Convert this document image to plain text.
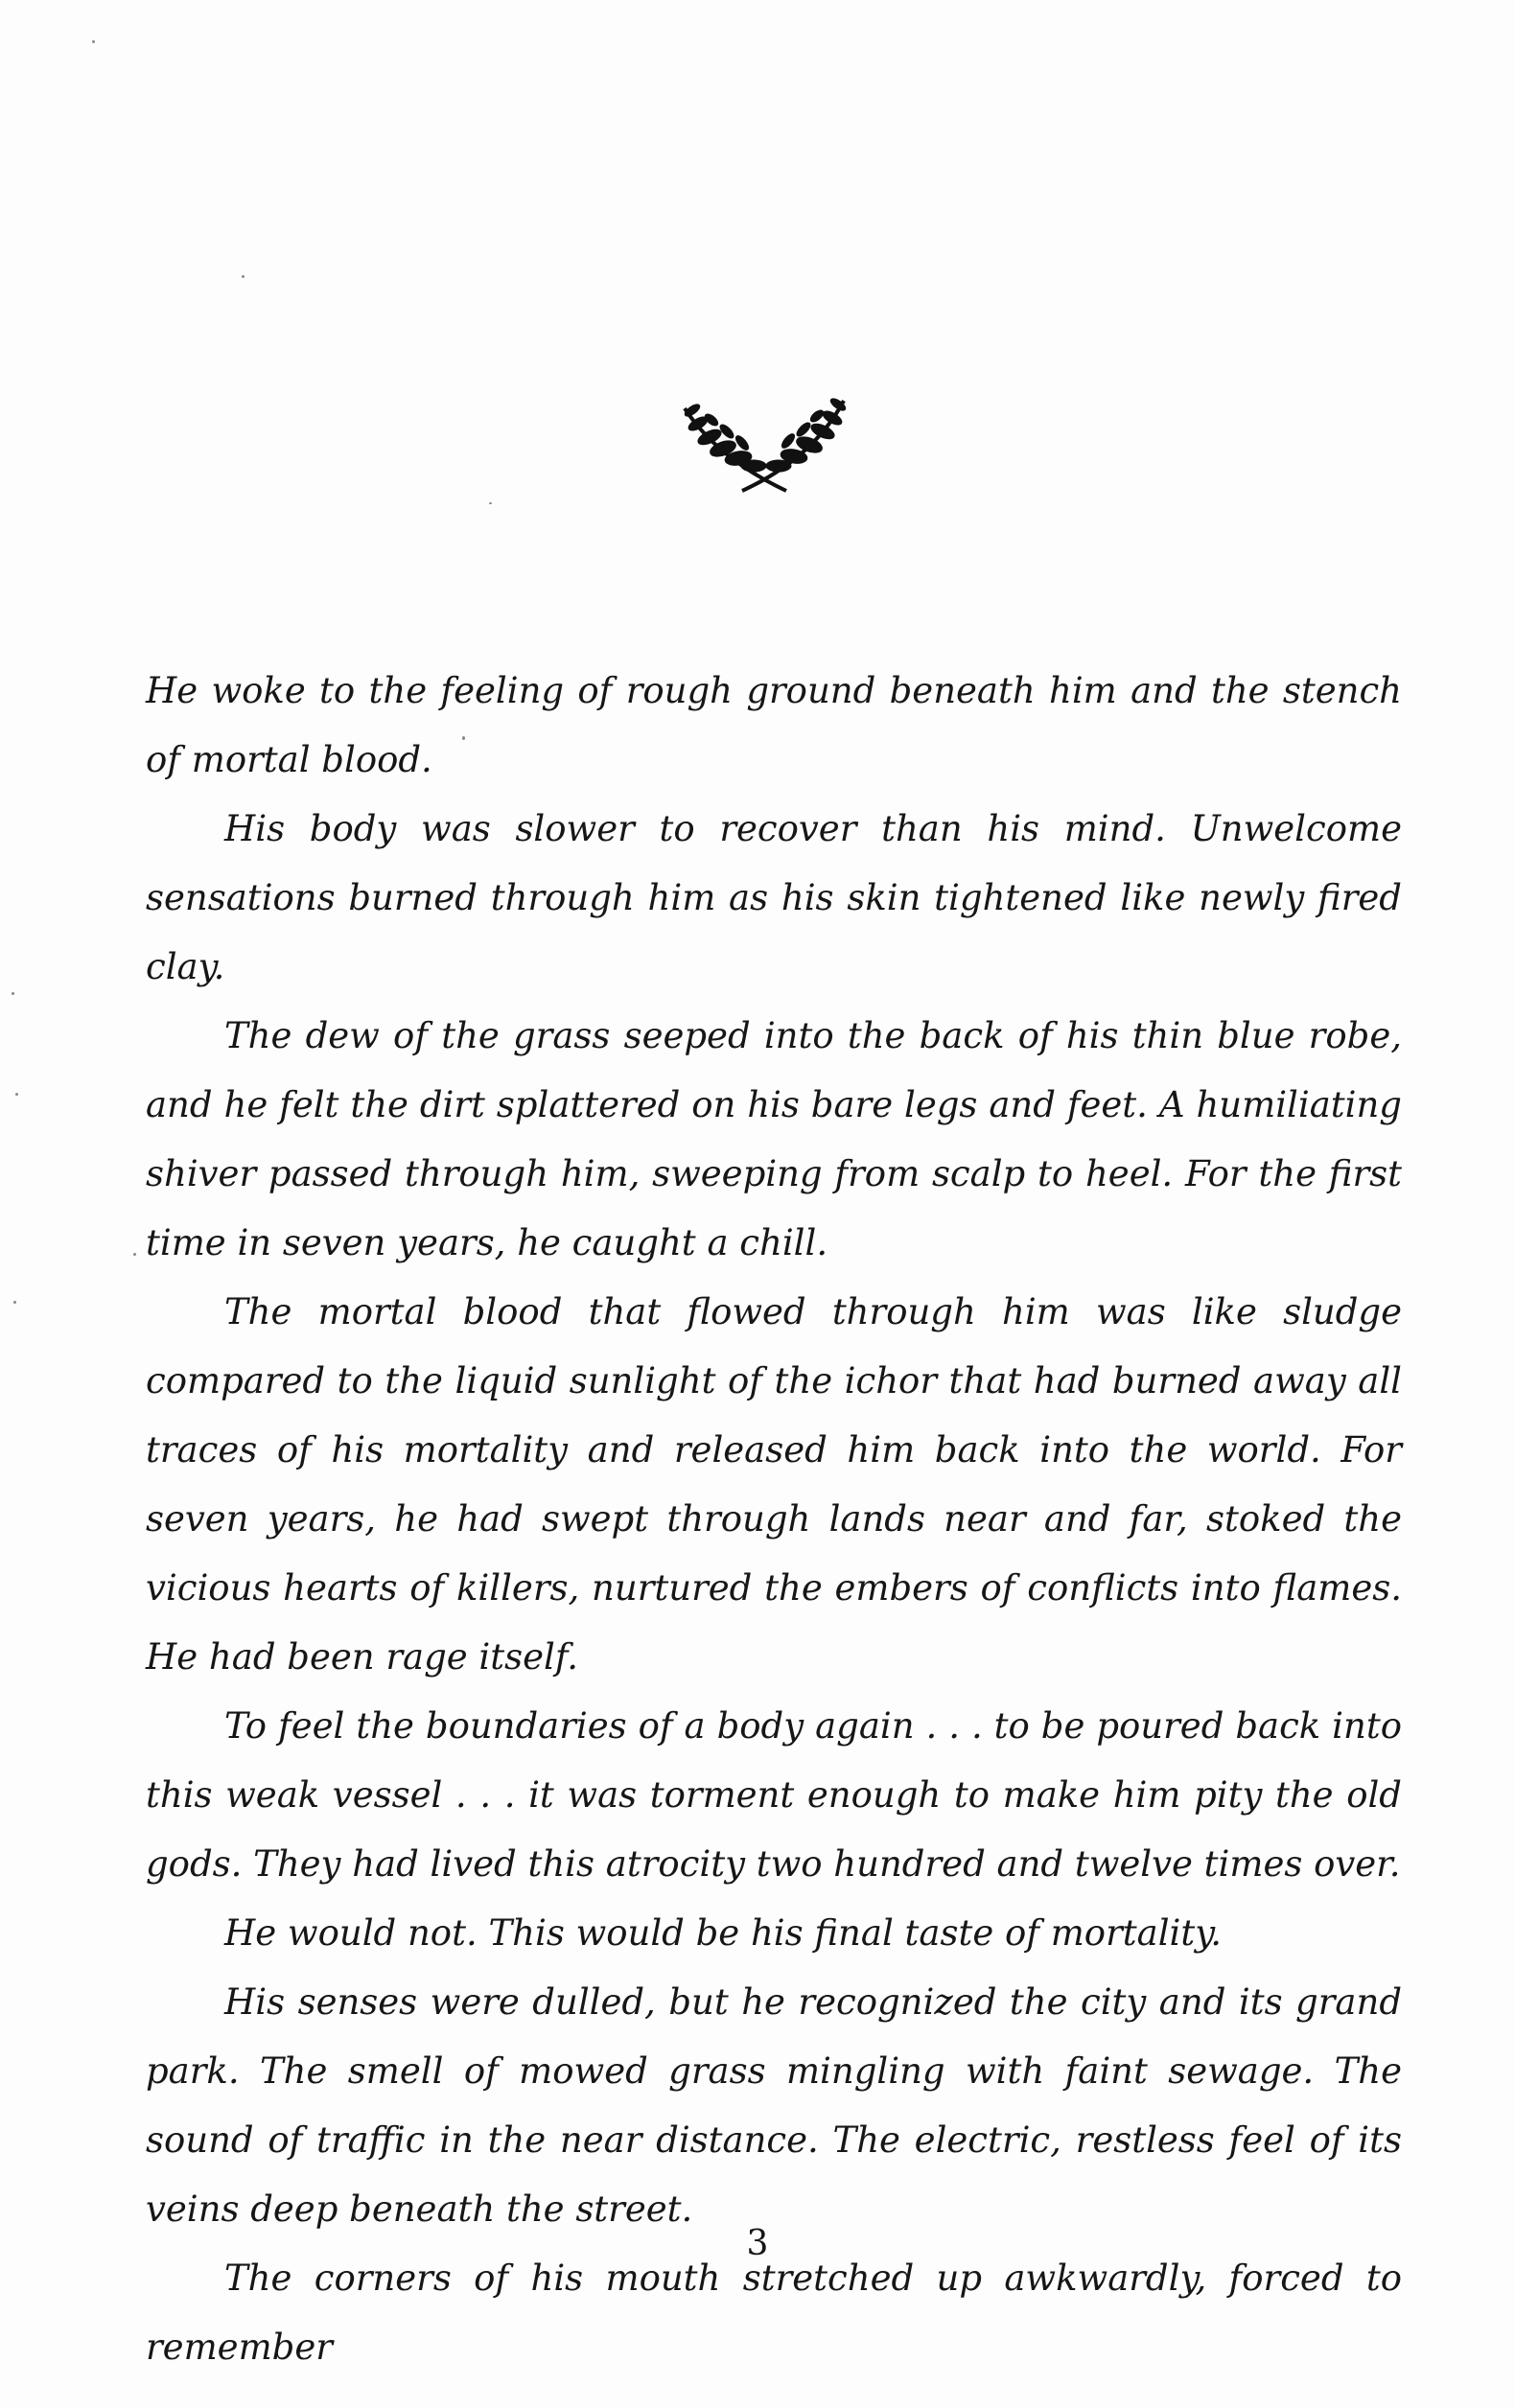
He woke to the feeling of rough ground beneath him and the stench of mortal blood.

His body was slower to recover than his mind. Unwelcome sensations burned through him as his skin tightened like newly fired clay.

The dew of the grass seeped into the back of his thin blue robe, and he felt the dirt splattered on his bare legs and feet. A humiliating shiver passed through him, sweeping from scalp to heel. For the first time in seven years, he caught a chill.

The mortal blood that flowed through him was like sludge compared to the liquid sunlight of the ichor that had burned away all traces of his mortality and released him back into the world. For seven years, he had swept through lands near and far, stoked the vicious hearts of killers, nurtured the embers of conflicts into flames. He had been rage itself.

To feel the boundaries of a body again . . . to be poured back into this weak vessel . . . it was torment enough to make him pity the old gods. They had lived this atrocity two hundred and twelve times over.

He would not. This would be his final taste of mortality.

His senses were dulled, but he recognized the city and its grand park. The smell of mowed grass mingling with faint sewage. The sound of traffic in the near distance. The electric, restless feel of its veins deep beneath the street.

The corners of his mouth stretched up awkwardly, forced to remember

3
